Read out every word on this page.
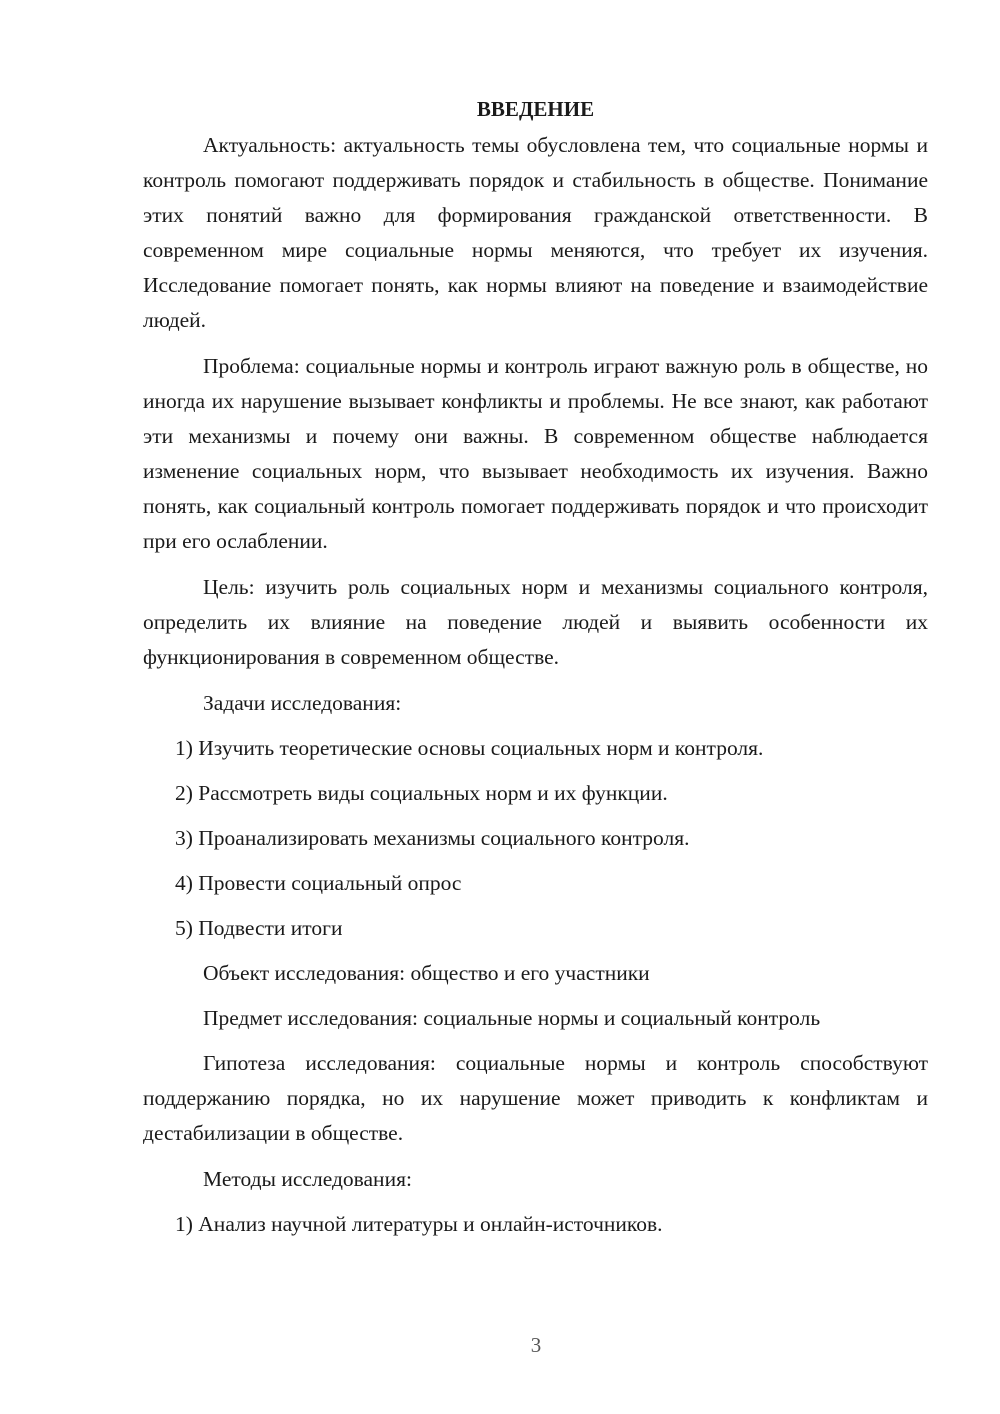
ВВЕДЕНИЕ

Актуальность: актуальность темы обусловлена тем, что социальные нормы и контроль помогают поддерживать порядок и стабильность в обществе. Понимание этих понятий важно для формирования гражданской ответственности. В современном мире социальные нормы меняются, что требует их изучения. Исследование помогает понять, как нормы влияют на поведение и взаимодействие людей.

Проблема: социальные нормы и контроль играют важную роль в обществе, но иногда их нарушение вызывает конфликты и проблемы. Не все знают, как работают эти механизмы и почему они важны. В современном обществе наблюдается изменение социальных норм, что вызывает необходимость их изучения. Важно понять, как социальный контроль помогает поддерживать порядок и что происходит при его ослаблении.

Цель: изучить роль социальных норм и механизмы социального контроля, определить их влияние на поведение людей и выявить особенности их функционирования в современном обществе.

Задачи исследования:
1) Изучить теоретические основы социальных норм и контроля.
2) Рассмотреть виды социальных норм и их функции.
3) Проанализировать механизмы социального контроля.
4) Провести социальный опрос
5) Подвести итоги
Объект исследования: общество и его участники
Предмет исследования: социальные нормы и социальный контроль

Гипотеза исследования: социальные нормы и контроль способствуют поддержанию порядка, но их нарушение может приводить к конфликтам и дестабилизации в обществе.

Методы исследования:
1) Анализ научной литературы и онлайн-источников.
3
